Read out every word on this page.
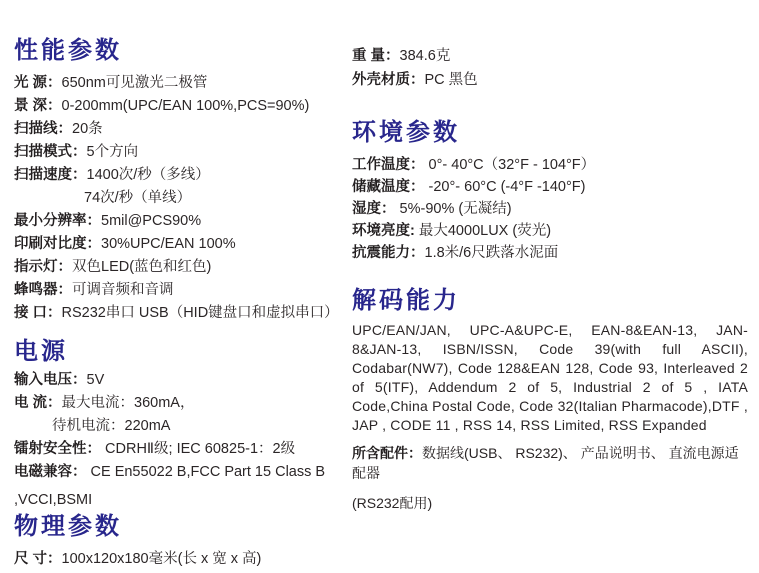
性能参数
光 源：650nm可见激光二极管
景 深：0-200mm(UPC/EAN 100%,PCS=90%)
扫描线：20条
扫描模式：5个方向
扫描速度：1400次/秒（多线）
74次/秒（单线）
最小分辨率：5mil@PCS90%
印刷对比度：30%UPC/EAN 100%
指示灯：双色LED(蓝色和红色)
蜂鸣器：可调音频和音调
接 口：RS232串口 USB（HID键盘口和虚拟串口）
电源
输入电压：5V
电 流：最大电流：360mA，
待机电流：220mA
镭射安全性： CDRHⅡ级; IEC 60825-1：2级
电磁兼容： CE En55022 B,FCC Part 15 Class B
,VCCI,BSMI
物理参数
尺 寸：100x120x180毫米(长 x 宽 x 高)
重 量：384.6克
外壳材质：PC 黑色
环境参数
工作温度： 0°- 40°C（32°F - 104°F）
储藏温度： -20°- 60°C (-4°F -140°F)
湿度： 5%-90% (无凝结)
环境亮度: 最大4000LUX (荧光)
抗震能力：1.8米/6尺跌落水泥面
解码能力
UPC/EAN/JAN, UPC-A&UPC-E, EAN-8&EAN-13, JAN-8&JAN-13, ISBN/ISSN, Code 39(with full ASCII), Codabar(NW7), Code 128&EAN 128, Code 93, Interleaved 2 of 5(ITF), Addendum 2 of 5, Industrial 2 of 5 , IATA Code,China Postal Code, Code 32(Italian Pharmacode),DTF , JAP , CODE 11 , RSS 14, RSS Limited, RSS Expanded
所含配件：数据线(USB、 RS232)、 产品说明书、 直流电源适配器
(RS232配用)
